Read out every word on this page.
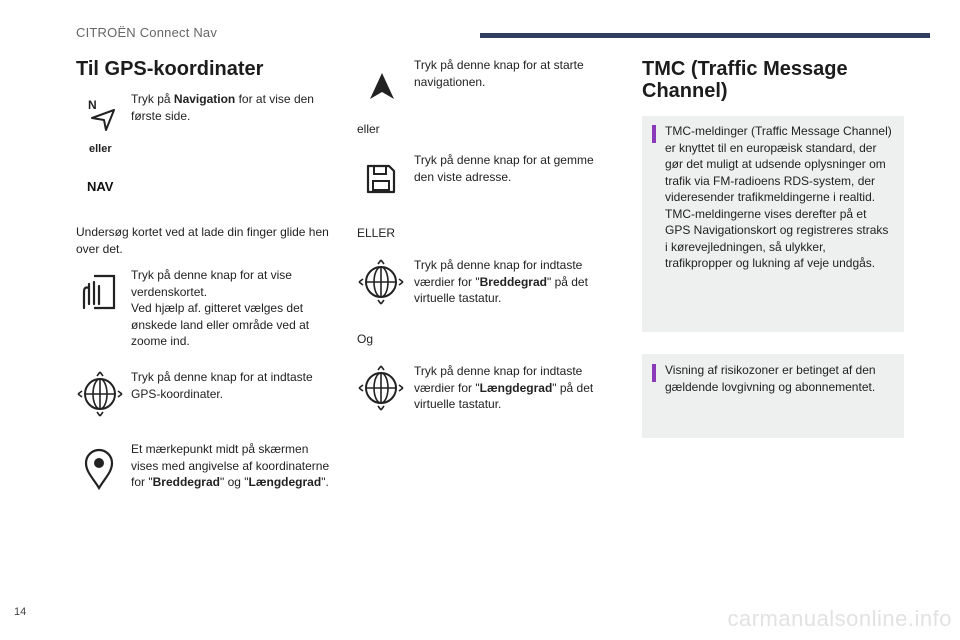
CITROËN Connect Nav
Til GPS-koordinater
N	Tryk på Navigation for at vise den første side.
eller
NAV
Undersøg kortet ved at lade din finger glide hen over det.
Tryk på denne knap for at vise verdenskortet.
Ved hjælp af. gitteret vælges det ønskede land eller område ved at zoome ind.
Tryk på denne knap for at indtaste GPS-koordinater.
Et mærkepunkt midt på skærmen vises med angivelse af koordinaterne for "Breddegrad" og "Længdegrad".
Tryk på denne knap for at starte navigationen.
eller
Tryk på denne knap for at gemme den viste adresse.
ELLER
Tryk på denne knap for indtaste værdier for "Breddegrad" på det virtuelle tastatur.
Og
Tryk på denne knap for indtaste værdier for "Længdegrad" på det virtuelle tastatur.
TMC (Traffic Message Channel)
TMC-meldinger (Traffic Message Channel) er knyttet til en europæisk standard, der gør det muligt at udsende oplysninger om trafik via FM-radioens RDS-system, der videresender trafikmeldingerne i realtid. TMC-meldingerne vises derefter på et GPS Navigationskort og registreres straks i kørevejledningen, så ulykker, trafikpropper og lukning af veje undgås.
Visning af risikozoner er betinget af den gældende lovgivning og abonnementet.
14	carmanualsonline.info
